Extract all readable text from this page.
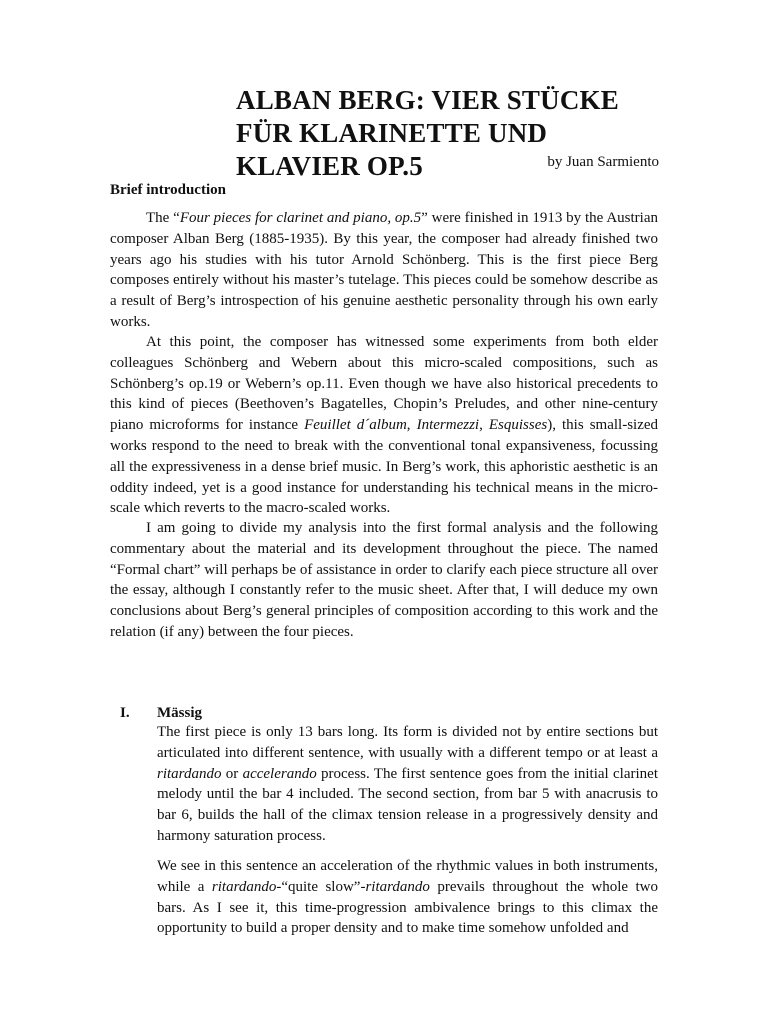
ALBAN BERG: VIER STÜCKE FÜR KLARINETTE UND KLAVIER OP.5	by Juan Sarmiento
Brief introduction

The “Four pieces for clarinet and piano, op.5” were finished in 1913 by the Austrian composer Alban Berg (1885-1935). By this year, the composer had already finished two years ago his studies with his tutor Arnold Schönberg. This is the first piece Berg composes entirely without his master’s tutelage. This pieces could be somehow describe as a result of Berg’s introspection of his genuine aesthetic personality through his own early works.

At this point, the composer has witnessed some experiments from both elder colleagues Schönberg and Webern about this micro-scaled compositions, such as Schönberg’s op.19 or Webern’s op.11. Even though we have also historical precedents to this kind of pieces (Beethoven’s Bagatelles, Chopin’s Preludes, and other nine-century piano microforms for instance Feuillet d´album, Intermezzi, Esquisses), this small-sized works respond to the need to break with the conventional tonal expansiveness, focussing all the expressiveness in a dense brief music. In Berg’s work, this aphoristic aesthetic is an oddity indeed, yet is a good instance for understanding his technical means in the micro-scale which reverts to the macro-scaled works.

I am going to divide my analysis into the first formal analysis and the following commentary about the material and its development throughout the piece. The named “Formal chart” will perhaps be of assistance in order to clarify each piece structure all over the essay, although I constantly refer to the music sheet. After that, I will deduce my own conclusions about Berg’s general principles of composition according to this work and the relation (if any) between the four pieces.

I. Mässig

The first piece is only 13 bars long. Its form is divided not by entire sections but articulated into different sentence, with usually with a different tempo or at least a ritardando or accelerando process. The first sentence goes from the initial clarinet melody until the bar 4 included. The second section, from bar 5 with anacrusis to bar 6, builds the hall of the climax tension release in a progressively density and harmony saturation process.

We see in this sentence an acceleration of the rhythmic values in both instruments, while a ritardando-“quite slow”-ritardando prevails throughout the whole two bars. As I see it, this time-progression ambivalence brings to this climax the opportunity to build a proper density and to make time somehow unfolded and
